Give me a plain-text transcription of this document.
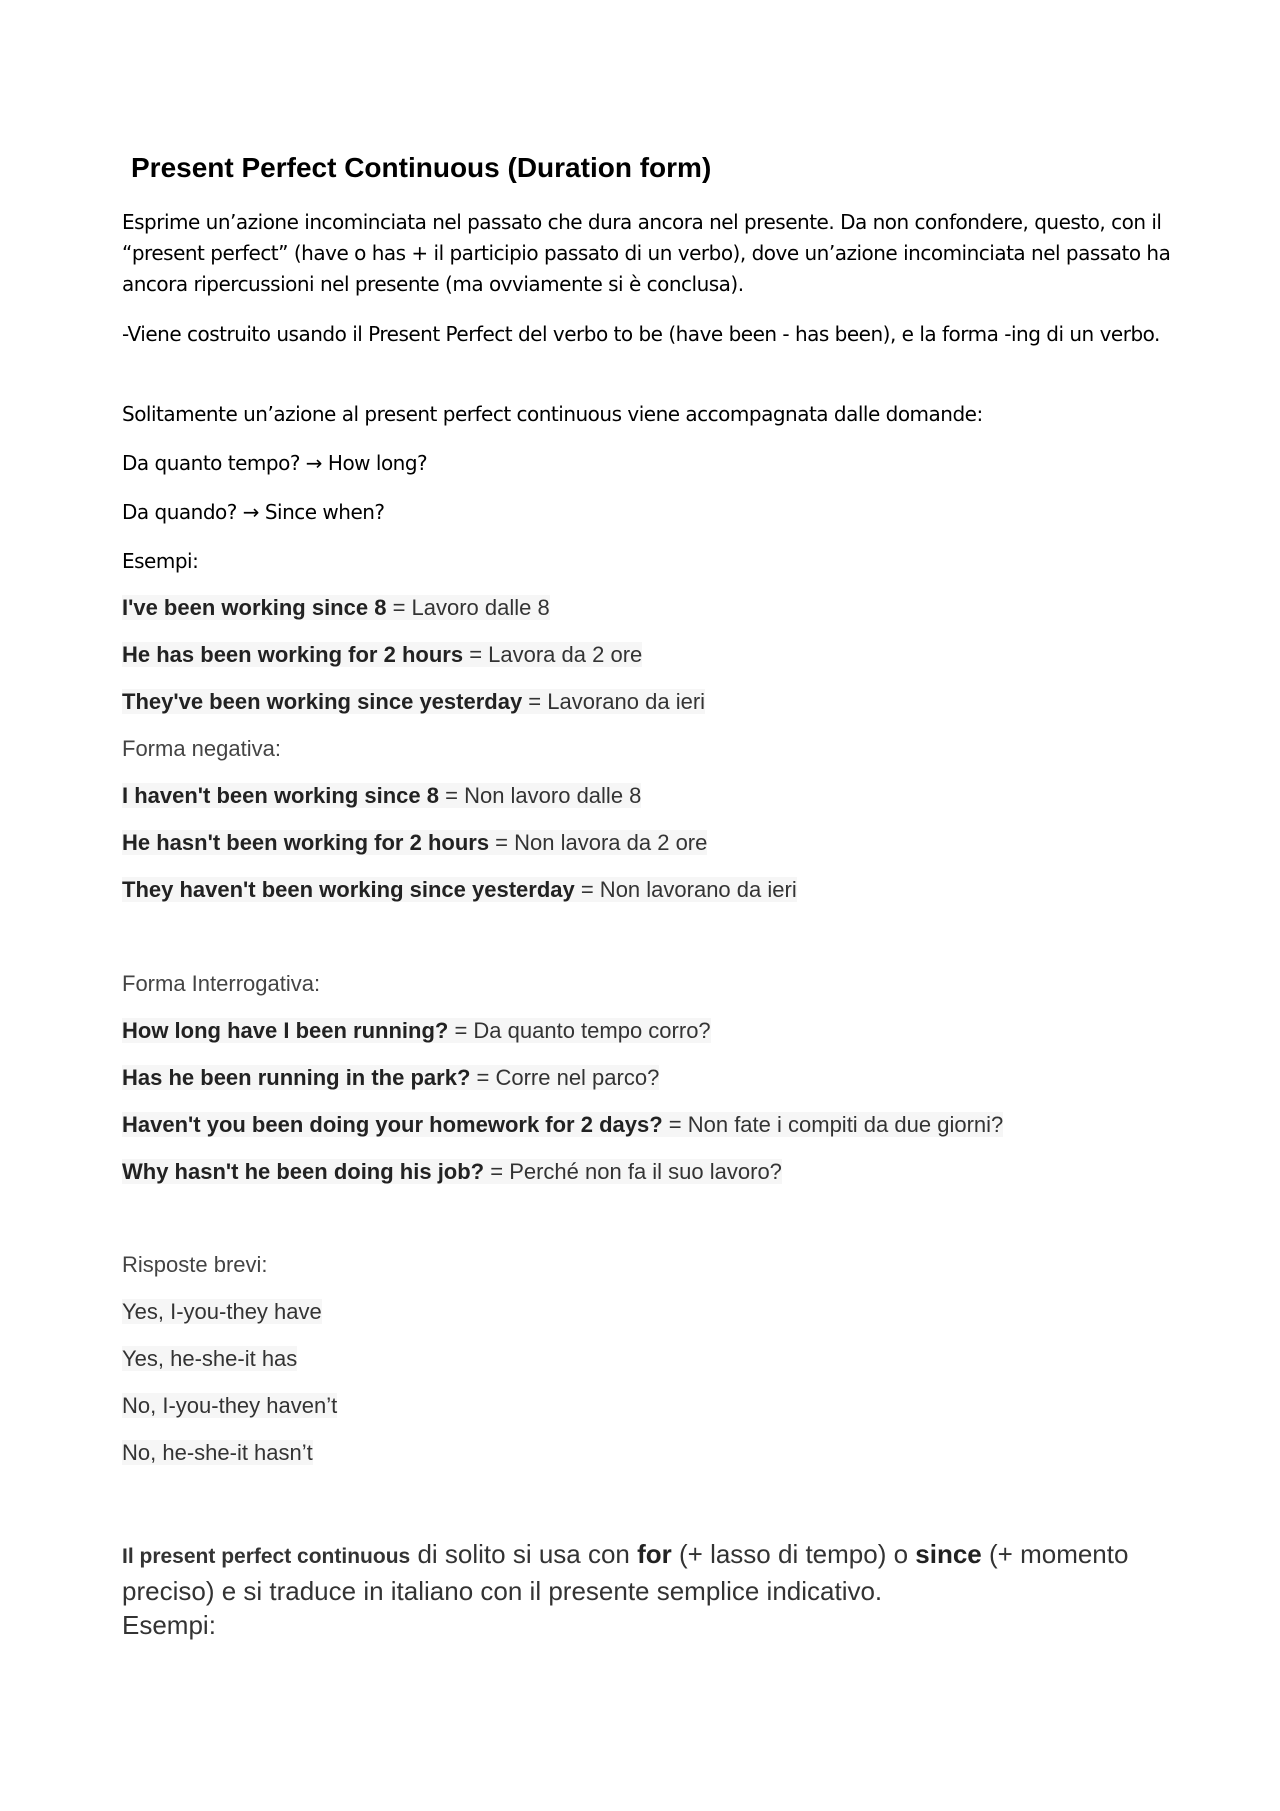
Present Perfect Continuous (Duration form)
Esprime un’azione incominciata nel passato che dura ancora nel presente. Da non confondere, questo, con il “present perfect” (have o has + il participio passato di un verbo), dove un’azione incominciata nel passato ha ancora ripercussioni nel presente (ma ovviamente si è conclusa).
-Viene costruito usando il Present Perfect del verbo to be (have been - has been), e la forma -ing di un verbo.
Solitamente un’azione al present perfect continuous viene accompagnata dalle domande:
Da quanto tempo? → How long?
Da quando? → Since when?
Esempi:
I've been working since 8 = Lavoro dalle 8
He has been working for 2 hours = Lavora da 2 ore
They've been working since yesterday = Lavorano da ieri
Forma negativa:
I haven't been working since 8 = Non lavoro dalle 8
He hasn't been working for 2 hours = Non lavora da 2 ore
They haven't been working since yesterday = Non lavorano da ieri
Forma Interrogativa:
How long have I been running? = Da quanto tempo corro?
Has he been running in the park? = Corre nel parco?
Haven't you been doing your homework for 2 days? = Non fate i compiti da due giorni?
Why hasn't he been doing his job? = Perché non fa il suo lavoro?
Risposte brevi:
Yes, I-you-they have
Yes, he-she-it has
No, I-you-they haven’t
No, he-she-it hasn’t
Il present perfect continuous di solito si usa con for (+ lasso di tempo) o since (+ momento preciso) e si traduce in italiano con il presente semplice indicativo.
Esempi:
